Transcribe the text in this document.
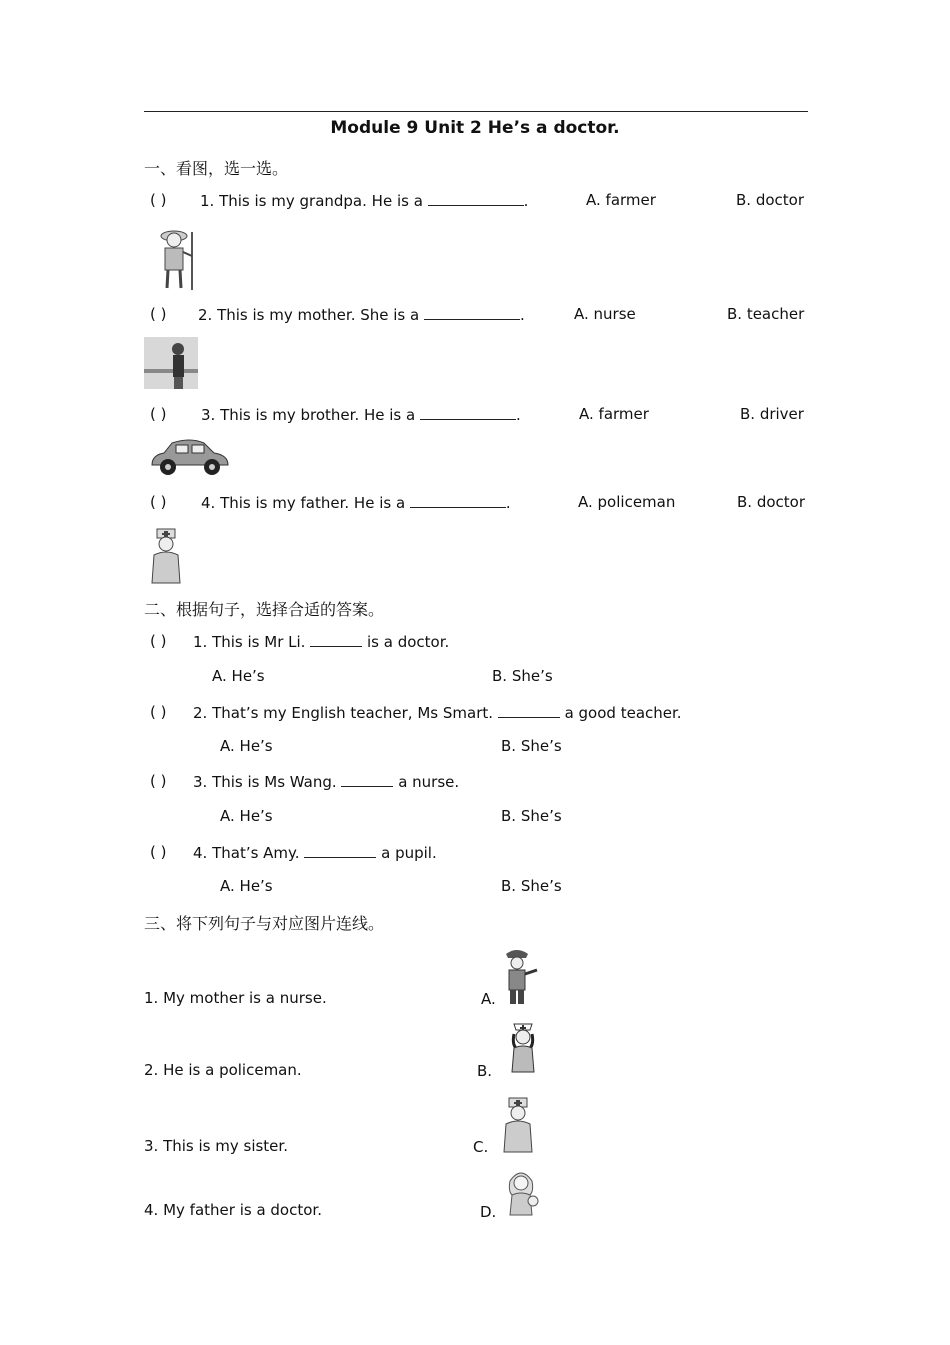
Module 9 Unit 2 He’s a doctor.
一、看图，选一选。
( ) 1. This is my grandpa. He is a	.	A. farmer	B. doctor
( ) 2. This is my mother. She is a	.	A. nurse	B. teacher
( ) 3. This is my brother. He is a	.	A. farmer	B. driver
( ) 4. This is my father. He is a	.	A. policeman	B. doctor
二、根据句子，选择合适的答案。
( ) 1. This is Mr Li.	is a doctor.
A. He’s	B. She’s
( ) 2. That’s my English teacher, Ms Smart.	a good teacher.
A. He’s	B. She’s
( ) 3. This is Ms Wang.	a nurse.
A. He’s	B. She’s
( ) 4. That’s Amy.	a pupil.
A. He’s	B. She’s
三、将下列句子与对应图片连线。
1. My mother is a nurse.
2. He is a policeman.
3. This is my sister.
4. My father is a doctor.
A.
B.
C.
D.
